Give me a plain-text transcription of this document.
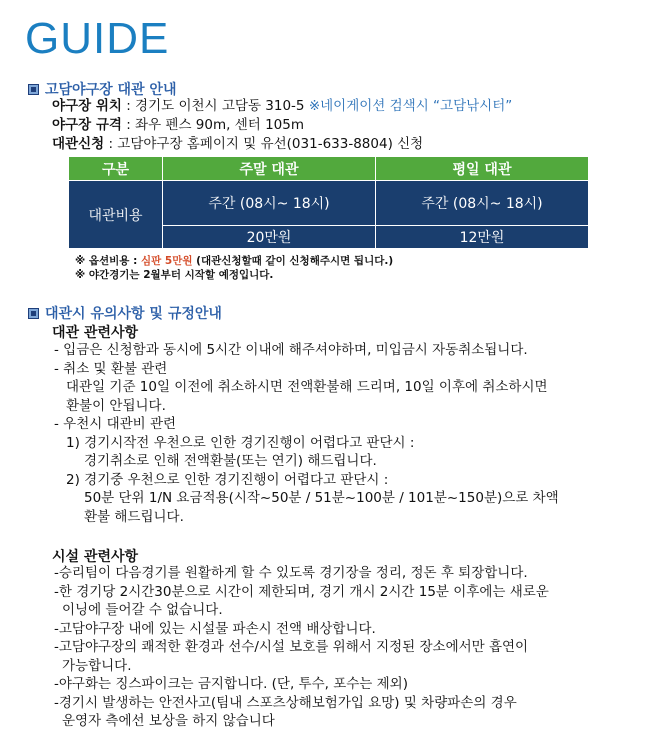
GUIDE
고담야구장 대관 안내
야구장 위치 : 경기도 이천시 고담동 310-5 ※네이게이션 검색시 “고담낚시터”
야구장 규격 : 좌우 펜스 90m, 센터 105m
대관신청 : 고담야구장 홈페이지 및 유선(031-633-8804) 신청
구분	주말 대관	평일 대관
대관비용	주간 (08시~ 18시)	주간 (08시~ 18시)
	20만원	12만원
※ 옵션비용 : 심판 5만원 (대관신청할때 같이 신청해주시면 됩니다.)
※ 야간경기는 2월부터 시작할 예정입니다.
대관시 유의사항 및 규정안내
대관 관련사항
- 입금은 신청함과 동시에 5시간 이내에 해주셔야하며, 미입금시 자동취소됩니다.
- 취소 및 환불 관련
대관일 기준 10일 이전에 취소하시면 전액환불해 드리며, 10일 이후에 취소하시면
환불이 안됩니다.
- 우천시 대관비 관련
1) 경기시작전 우천으로 인한 경기진행이 어렵다고 판단시 :
경기취소로 인해 전액환불(또는 연기) 해드립니다.
2) 경기중 우천으로 인한 경기진행이 어렵다고 판단시 :
50분 단위 1/N 요금적용(시작~50분 / 51분~100분 / 101분~150분)으로 차액
환불 해드립니다.
시설 관련사항
-승리팀이 다음경기를 원활하게 할 수 있도록 경기장을 정리, 정돈 후 퇴장합니다.
-한 경기당 2시간30분으로 시간이 제한되며, 경기 개시 2시간 15분 이후에는 새로운
이닝에 들어갈 수 없습니다.
-고담야구장 내에 있는 시설물 파손시 전액 배상합니다.
-고담야구장의 쾌적한 환경과 선수/시설 보호를 위해서 지정된 장소에서만 흡연이
가능합니다.
-야구화는 징스파이크는 금지합니다. (단, 투수, 포수는 제외)
-경기시 발생하는 안전사고(팀내 스포츠상해보험가입 요망) 및 차량파손의 경우
운영자 측에선 보상을 하지 않습니다
